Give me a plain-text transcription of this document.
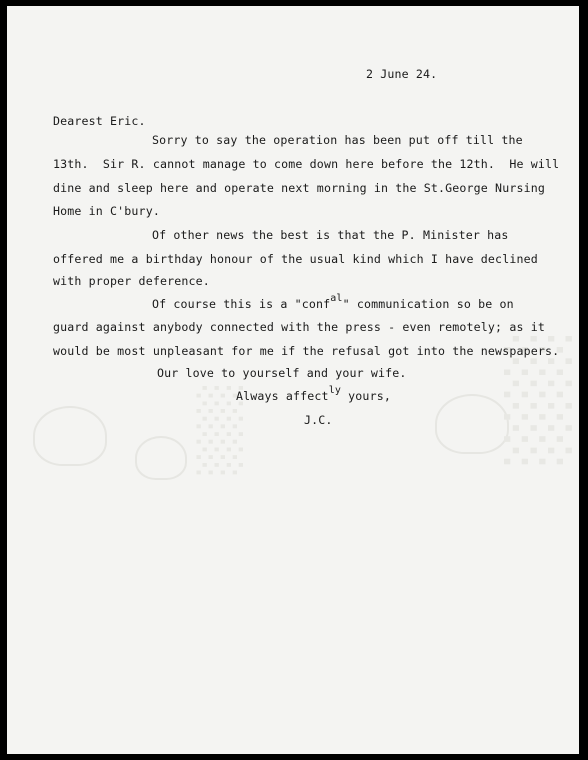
░░░
░░░
2 June 24.
Dearest Eric.
Sorry to say the operation has been put off till the
13th.  Sir R. cannot manage to come down here before the 12th.  He will
dine and sleep here and operate next morning in the St.George Nursing
Home in C'bury.
Of other news the best is that the P. Minister has
offered me a birthday honour of the usual kind which I have declined
with proper deference.
Of course this is a "confal" communication so be on
guard against anybody connected with the press - even remotely; as it
would be most unpleasant for me if the refusal got into the newspapers.
Our love to yourself and your wife.
Always affectly yours,
J.C.
